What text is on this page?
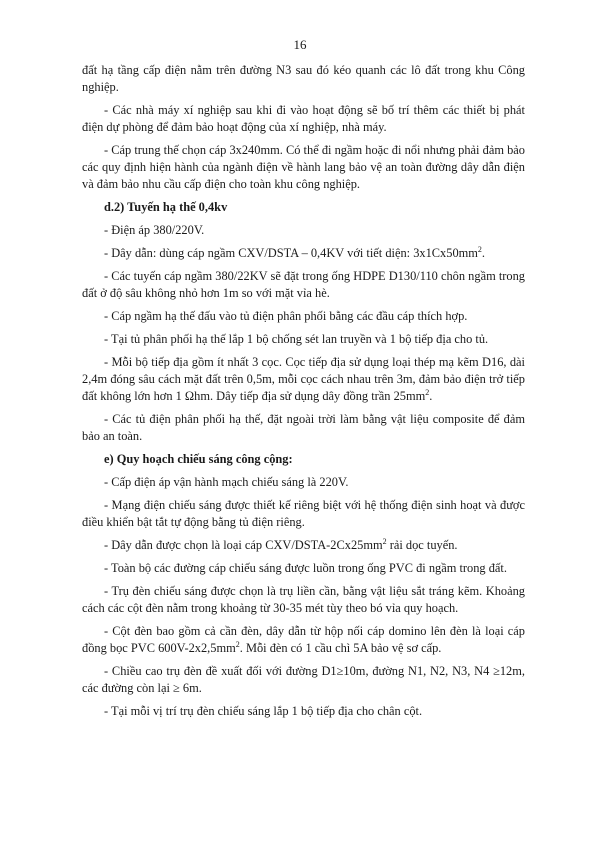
16

đất hạ tầng cấp điện nằm trên đường N3 sau đó kéo quanh các lô đất trong khu Công nghiệp.

- Các nhà máy xí nghiệp sau khi đi vào hoạt động sẽ bố trí thêm các thiết bị phát điện dự phòng để đảm bảo hoạt động của xí nghiệp, nhà máy.

- Cáp trung thế chọn cáp 3x240mm. Có thể đi ngầm hoặc đi nổi nhưng phải đảm bảo các quy định hiện hành của ngành điện về hành lang bảo vệ an toàn đường dây dẫn điện và đảm bảo nhu cầu cấp điện cho toàn khu công nghiệp.

d.2) Tuyến hạ thế 0,4kv

- Điện áp 380/220V.

- Dây dẫn: dùng cáp ngầm CXV/DSTA – 0,4KV với tiết diện: $3x1Cx50mm^2$.

- Các tuyến cáp ngầm 380/22KV sẽ đặt trong ống HDPE D130/110 chôn ngầm trong đất ở độ sâu không nhỏ hơn 1m so với mặt vỉa hè.

- Cáp ngầm hạ thế đấu vào tủ điện phân phối bằng các đầu cáp thích hợp.

- Tại tủ phân phối hạ thế lắp 1 bộ chống sét lan truyền và 1 bộ tiếp địa cho tủ.

- Mỗi bộ tiếp địa gồm ít nhất 3 cọc. Cọc tiếp địa sử dụng loại thép mạ kẽm D16, dài 2,4m đóng sâu cách mặt đất trên 0,5m, mỗi cọc cách nhau trên 3m, đảm bảo điện trở tiếp đất không lớn hơn 1 Ωhm. Dây tiếp địa sử dụng dây đồng trần $25mm^2$.

- Các tủ điện phân phối hạ thế, đặt ngoài trời làm bằng vật liệu composite để đảm bảo an toàn.

e) Quy hoạch chiếu sáng công cộng:

- Cấp điện áp vận hành mạch chiếu sáng là 220V.

- Mạng điện chiếu sáng được thiết kế riêng biệt với hệ thống điện sinh hoạt và được điều khiển bật tắt tự động bằng tủ điện riêng.

- Dây dẫn được chọn là loại cáp CXV/$DSTA-2Cx25mm^2$ rải dọc tuyến.

- Toàn bộ các đường cáp chiếu sáng được luồn trong ống PVC đi ngầm trong đất.

- Trụ đèn chiếu sáng được chọn là trụ liền cần, bằng vật liệu sắt tráng kẽm. Khoảng cách các cột đèn nằm trong khoảng từ 30-35 mét tùy theo bó vỉa quy hoạch.

- Cột đèn bao gồm cả cần đèn, dây dẫn từ hộp nối cáp domino lên đèn là loại cáp đồng bọc PVC $600V-2x2,5mm^2$. Mỗi đèn có 1 cầu chì 5A bảo vệ sơ cấp.

- Chiều cao trụ đèn đề xuất đối với đường D1≥10m, đường N1, N2, N3, N4 ≥12m, các đường còn lại ≥ 6m.

- Tại mỗi vị trí trụ đèn chiếu sáng lắp 1 bộ tiếp địa cho chân cột.
